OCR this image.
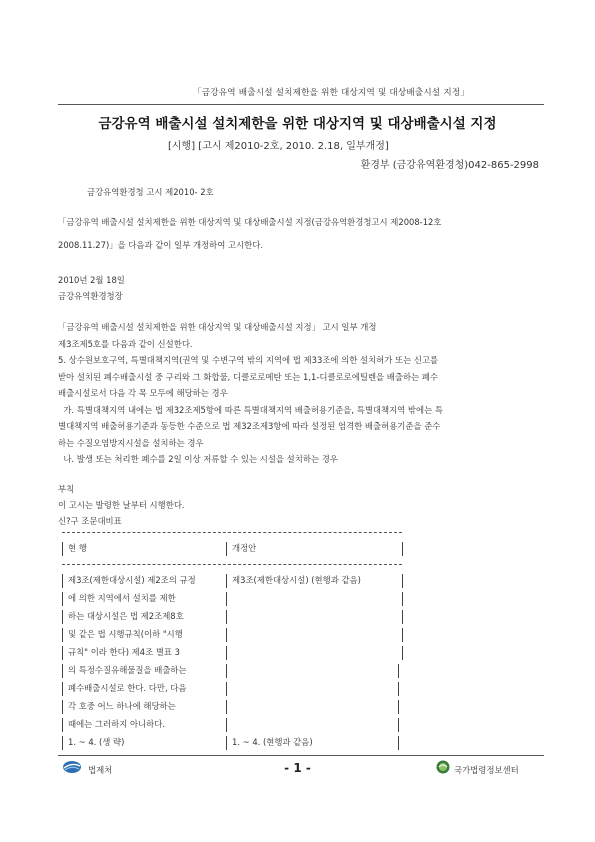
「금강유역 배출시설 설치제한을 위한 대상지역 및 대상배출시설 지정」
금강유역 배출시설 설치제한을 위한 대상지역 및 대상배출시설 지정
[시행] [고시 제2010-2호, 2010. 2.18, 일부개정]
환경부 (금강유역환경청)042-865-2998
금강유역환경청 고시 제2010- 2호
「금강유역 배출시설 설치제한을 위한 대상지역 및 대상배출시설 지정(금강유역환경청고시 제2008-12호
2008.11.27)」을 다음과 같이 일부 개정하여 고시한다.
2010년 2월 18일
금강유역환경청장
「금강유역 배출시설 설치제한을 위한 대상지역 및 대상배출시설 지정」 고시 일부 개정
제3조제5호를 다음과 같이 신설한다.
5. 상수원보호구역, 특별대책지역(권역 및 수변구역 밖의 지역에 법 제33조에 의한 설치허가 또는 신고를
받아 설치된 폐수배출시설 중 구리와 그 화합물, 디클로로메탄 또는 1,1-디클로로에틸렌을 배출하는 폐수
배출시설로서 다음 각 목 모두에 해당하는 경우
가. 특별대책지역 내에는 법 제32조제5항에 따른 특별대책지역 배출허용기준을, 특별대책지역 밖에는 특
별대책지역 배출허용기준과 동등한 수준으로 법 제32조제3항에 따라 설정된 엄격한 배출허용기준을 준수
하는 수질오염방지시설을 설치하는 경우
나. 발생 또는 처리한 폐수를 2일 이상 저류할 수 있는 시설을 설치하는 경우
부칙
이 고시는 발령한 날부터 시행한다.
신?구 조문대비표
현 행	개정안
제3조(제한대상시설) 제2조의 규정	제3조(제한대상시설) (현행과 같음)
에 의한 지역에서 설치를 제한
하는 대상시설은 법 제2조제8호
및 같은 법 시행규칙(이하 "시행
규칙" 이라 한다) 제4조 별표 3
의 특정수질유해물질을 배출하는
폐수배출시설로 한다. 다만, 다음
각 호중 어느 하나에 해당하는
때에는 그러하지 아니하다.
1. ~ 4. (생 략)	1. ~ 4. (현행과 같음)
법제처	- 1 -	국가법령정보센터
